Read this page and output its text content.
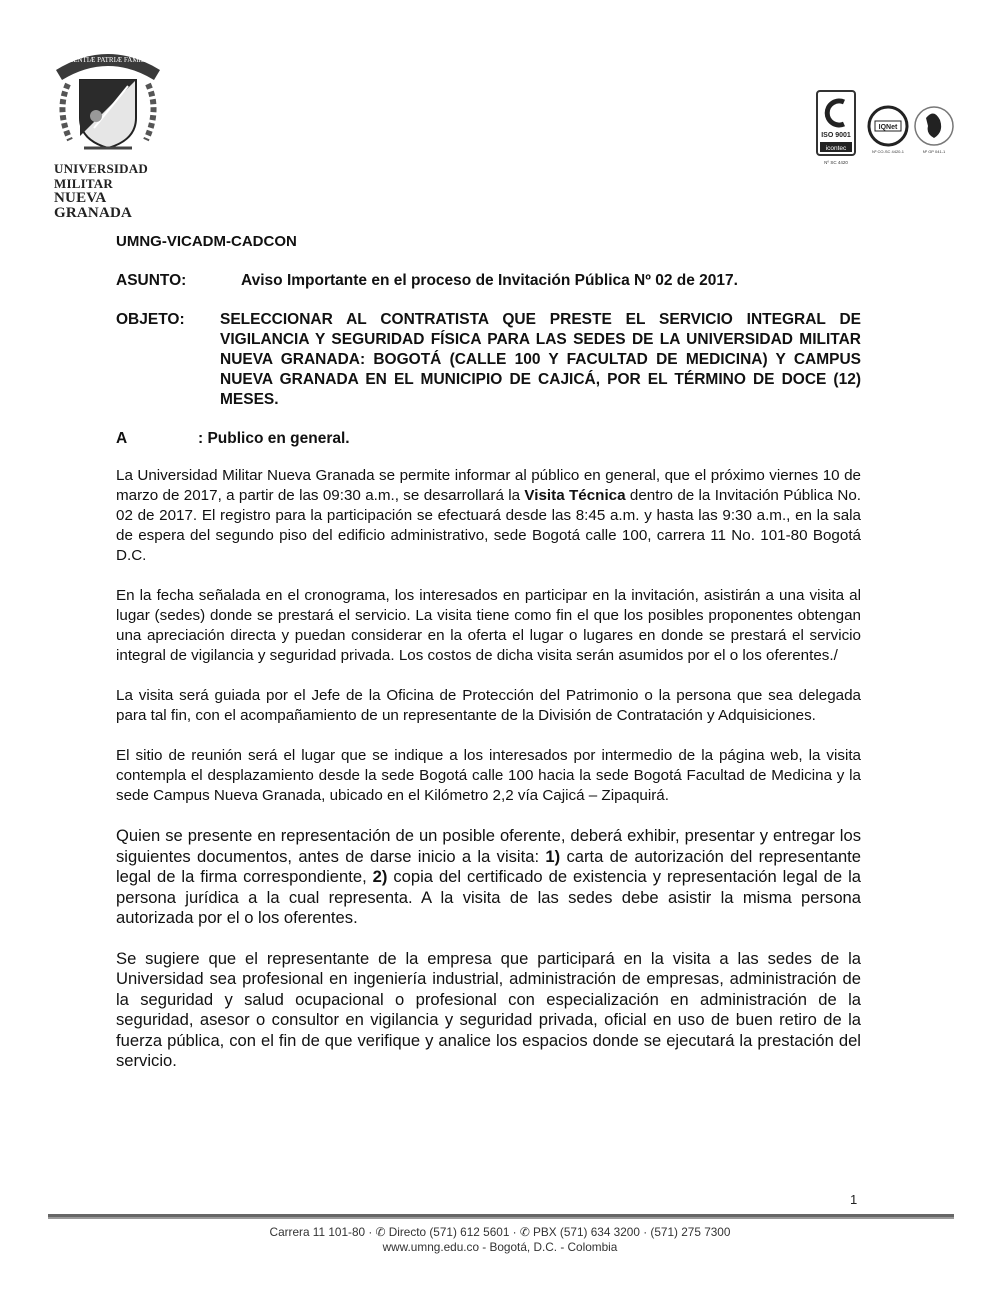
SCIENTIÆ PATRIÆ FAMILIÆ
UNIVERSIDAD MILITAR
NUEVA GRANADA
ISO 9001
icontec
Nº SC 4420
IQNet
Nº CO-SC 4420-1	Nº GP 041-1
UMNG-VICADM-CADCON
ASUNTO:	Aviso Importante en el proceso de Invitación Pública Nº 02 de 2017.
OBJETO:	SELECCIONAR AL CONTRATISTA QUE PRESTE EL SERVICIO INTEGRAL DE VIGILANCIA Y SEGURIDAD FÍSICA PARA LAS SEDES DE LA UNIVERSIDAD MILITAR NUEVA GRANADA: BOGOTÁ (CALLE 100 Y FACULTAD DE MEDICINA) Y CAMPUS NUEVA GRANADA EN EL MUNICIPIO DE CAJICÁ, POR EL TÉRMINO DE DOCE (12) MESES.
A	: Publico en general.

La Universidad Militar Nueva Granada se permite informar al público en general, que el próximo viernes 10 de marzo de 2017, a partir de las 09:30 a.m., se desarrollará la Visita Técnica dentro de la Invitación Pública No. 02 de 2017. El registro para la participación se efectuará desde las 8:45 a.m. y hasta las 9:30 a.m., en la sala de espera del segundo piso del edificio administrativo, sede Bogotá calle 100, carrera 11 No. 101-80 Bogotá D.C.

En la fecha señalada en el cronograma, los interesados en participar en la invitación, asistirán a una visita al lugar (sedes) donde se prestará el servicio. La visita tiene como fin el que los posibles proponentes obtengan una apreciación directa y puedan considerar en la oferta el lugar o lugares en donde se prestará el servicio integral de vigilancia y seguridad privada. Los costos de dicha visita serán asumidos por el o los oferentes./

La visita será guiada por el Jefe de la Oficina de Protección del Patrimonio o la persona que sea delegada para tal fin, con el acompañamiento de un representante de la División de Contratación y Adquisiciones.

El sitio de reunión será el lugar que se indique a los interesados por intermedio de la página web, la visita contempla el desplazamiento desde la sede Bogotá calle 100 hacia la sede Bogotá Facultad de Medicina y la sede Campus Nueva Granada, ubicado en el Kilómetro 2,2 vía Cajicá – Zipaquirá.

Quien se presente en representación de un posible oferente, deberá exhibir, presentar y entregar los siguientes documentos, antes de darse inicio a la visita: 1) carta de autorización del representante legal de la firma correspondiente, 2) copia del certificado de existencia y representación legal de la persona jurídica a la cual representa. A la visita de las sedes debe asistir la misma persona autorizada por el o los oferentes.

Se sugiere que el representante de la empresa que participará en la visita a las sedes de la Universidad sea profesional en ingeniería industrial, administración de empresas, administración de la seguridad y salud ocupacional o profesional con especialización en administración de la seguridad, asesor o consultor en vigilancia y seguridad privada, oficial en uso de buen retiro de la fuerza pública, con el fin de que verifique y analice los espacios donde se ejecutará la prestación del servicio.

1
Carrera 11 101-80 · ✆ Directo (571) 612 5601 · ✆ PBX (571) 634 3200 · (571) 275 7300
www.umng.edu.co - Bogotá, D.C. - Colombia
